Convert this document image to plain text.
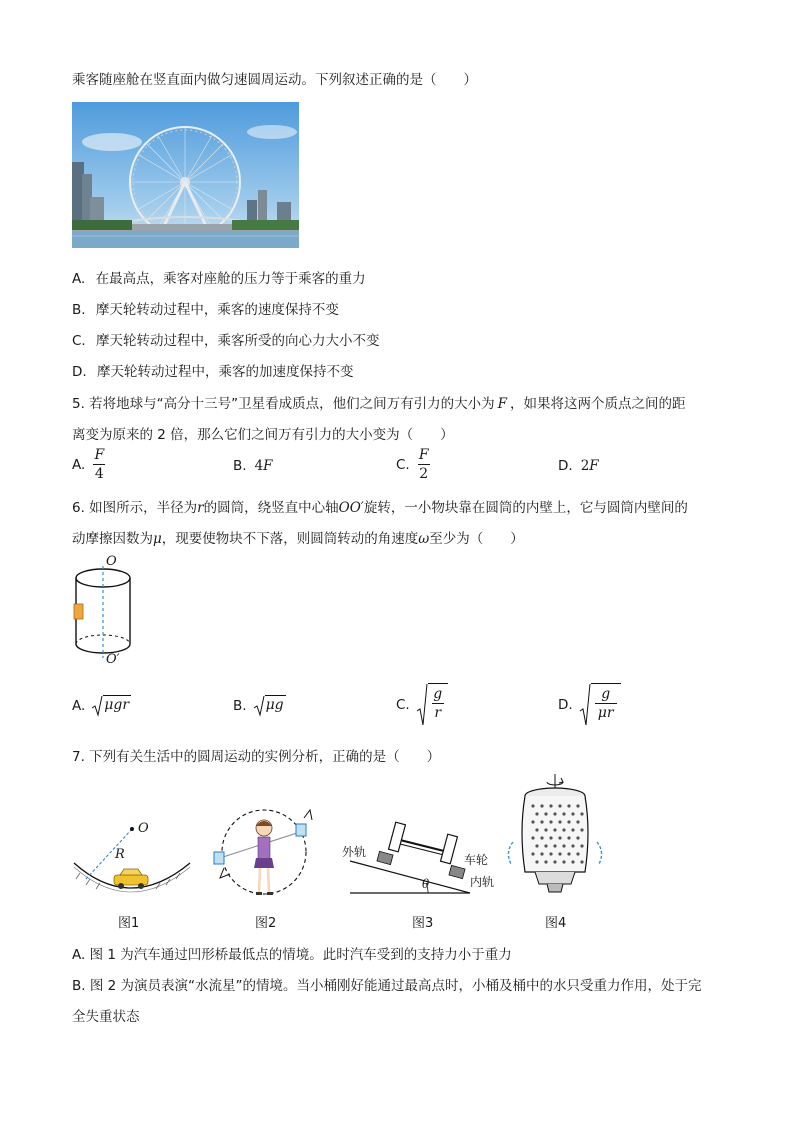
乘客随座舱在竖直面内做匀速圆周运动。下列叙述正确的是（　　）
A. 在最高点，乘客对座舱的压力等于乘客的重力
B. 摩天轮转动过程中，乘客的速度保持不变
C. 摩天轮转动过程中，乘客所受的向心力大小不变
D. 摩天轮转动过程中，乘客的加速度保持不变
5. 若将地球与“高分十三号”卫星看成质点，他们之间万有引力的大小为 F ，如果将这两个质点之间的距
离变为原来的 2 倍，那么它们之间万有引力的大小变为（　　）
A. $\frac{F}{4}$	B. 4 F	C. $\frac{F}{2}$	D. 2 F
6. 如图所示，半径为r的圆筒，绕竖直中心轴OO′旋转，一小物块靠在圆筒的内壁上，它与圆筒内壁间的
动摩擦因数为μ，现要使物块不下落，则圆筒转动的角速度ω至少为（　　）
O
O′
A. μgr	B. μg	C. $\frac{g}{r}$	D. $\frac{g}{\mu r}$
7. 下列有关生活中的圆周运动的实例分析，正确的是（　　）
O
R
图1	图2
外轨
车轮
内轨
θ
图3	图4
A. 图 1 为汽车通过凹形桥最低点的情境。此时汽车受到的支持力小于重力
B. 图 2 为演员表演“水流星”的情境。当小桶刚好能通过最高点时，小桶及桶中的水只受重力作用，处于完
全失重状态
